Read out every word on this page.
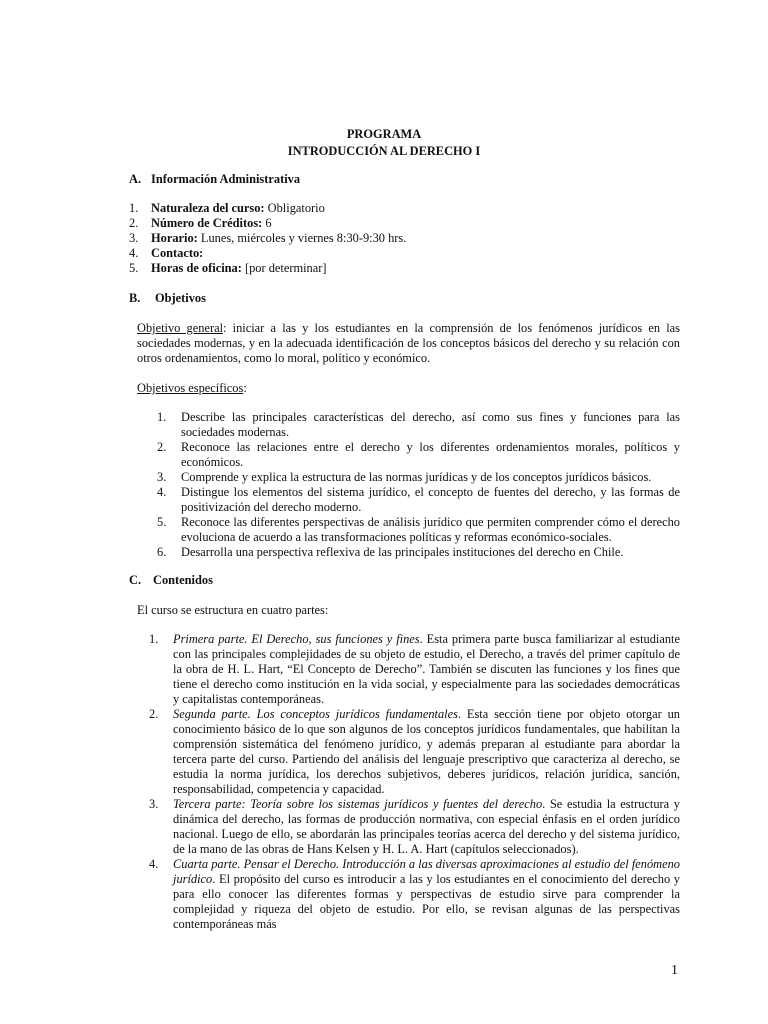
PROGRAMA
INTRODUCCIÓN AL DERECHO I
A. Información Administrativa
1.	Naturaleza del curso: Obligatorio
2.	Número de Créditos: 6
3.	Horario: Lunes, miércoles y viernes 8:30-9:30 hrs.
4.	Contacto:
5.	Horas de oficina: [por determinar]
B. Objetivos
Objetivo general: iniciar a las y los estudiantes en la comprensión de los fenómenos jurídicos en las sociedades modernas, y en la adecuada identificación de los conceptos básicos del derecho y su relación con otros ordenamientos, como lo moral, político y económico.
Objetivos específicos:
1.	Describe las principales características del derecho, así como sus fines y funciones para las sociedades modernas.
2.	Reconoce las relaciones entre el derecho y los diferentes ordenamientos morales, políticos y económicos.
3.	Comprende y explica la estructura de las normas jurídicas y de los conceptos jurídicos básicos.
4.	Distingue los elementos del sistema jurídico, el concepto de fuentes del derecho, y las formas de positivización del derecho moderno.
5.	Reconoce las diferentes perspectivas de análisis jurídico que permiten comprender cómo el derecho evoluciona de acuerdo a las transformaciones políticas y reformas económico-sociales.
6.	Desarrolla una perspectiva reflexiva de las principales instituciones del derecho en Chile.
C. Contenidos
El curso se estructura en cuatro partes:
1.	Primera parte. El Derecho, sus funciones y fines. Esta primera parte busca familiarizar al estudiante con las principales complejidades de su objeto de estudio, el Derecho, a través del primer capítulo de la obra de H. L. Hart, “El Concepto de Derecho”. También se discuten las funciones y los fines que tiene el derecho como institución en la vida social, y especialmente para las sociedades democráticas y capitalistas contemporáneas.
2.	Segunda parte. Los conceptos jurídicos fundamentales. Esta sección tiene por objeto otorgar un conocimiento básico de lo que son algunos de los conceptos jurídicos fundamentales, que habilitan la comprensión sistemática del fenómeno jurídico, y además preparan al estudiante para abordar la tercera parte del curso. Partiendo del análisis del lenguaje prescriptivo que caracteriza al derecho, se estudia la norma jurídica, los derechos subjetivos, deberes jurídicos, relación jurídica, sanción, responsabilidad, competencia y capacidad.
3.	Tercera parte: Teoría sobre los sistemas jurídicos y fuentes del derecho. Se estudia la estructura y dinámica del derecho, las formas de producción normativa, con especial énfasis en el orden jurídico nacional. Luego de ello, se abordarán las principales teorías acerca del derecho y del sistema jurídico, de la mano de las obras de Hans Kelsen y H. L. A. Hart (capítulos seleccionados).
4.	Cuarta parte. Pensar el Derecho. Introducción a las diversas aproximaciones al estudio del fenómeno jurídico. El propósito del curso es introducir a las y los estudiantes en el conocimiento del derecho y para ello conocer las diferentes formas y perspectivas de estudio sirve para comprender la complejidad y riqueza del objeto de estudio. Por ello, se revisan algunas de las perspectivas contemporáneas más
1
